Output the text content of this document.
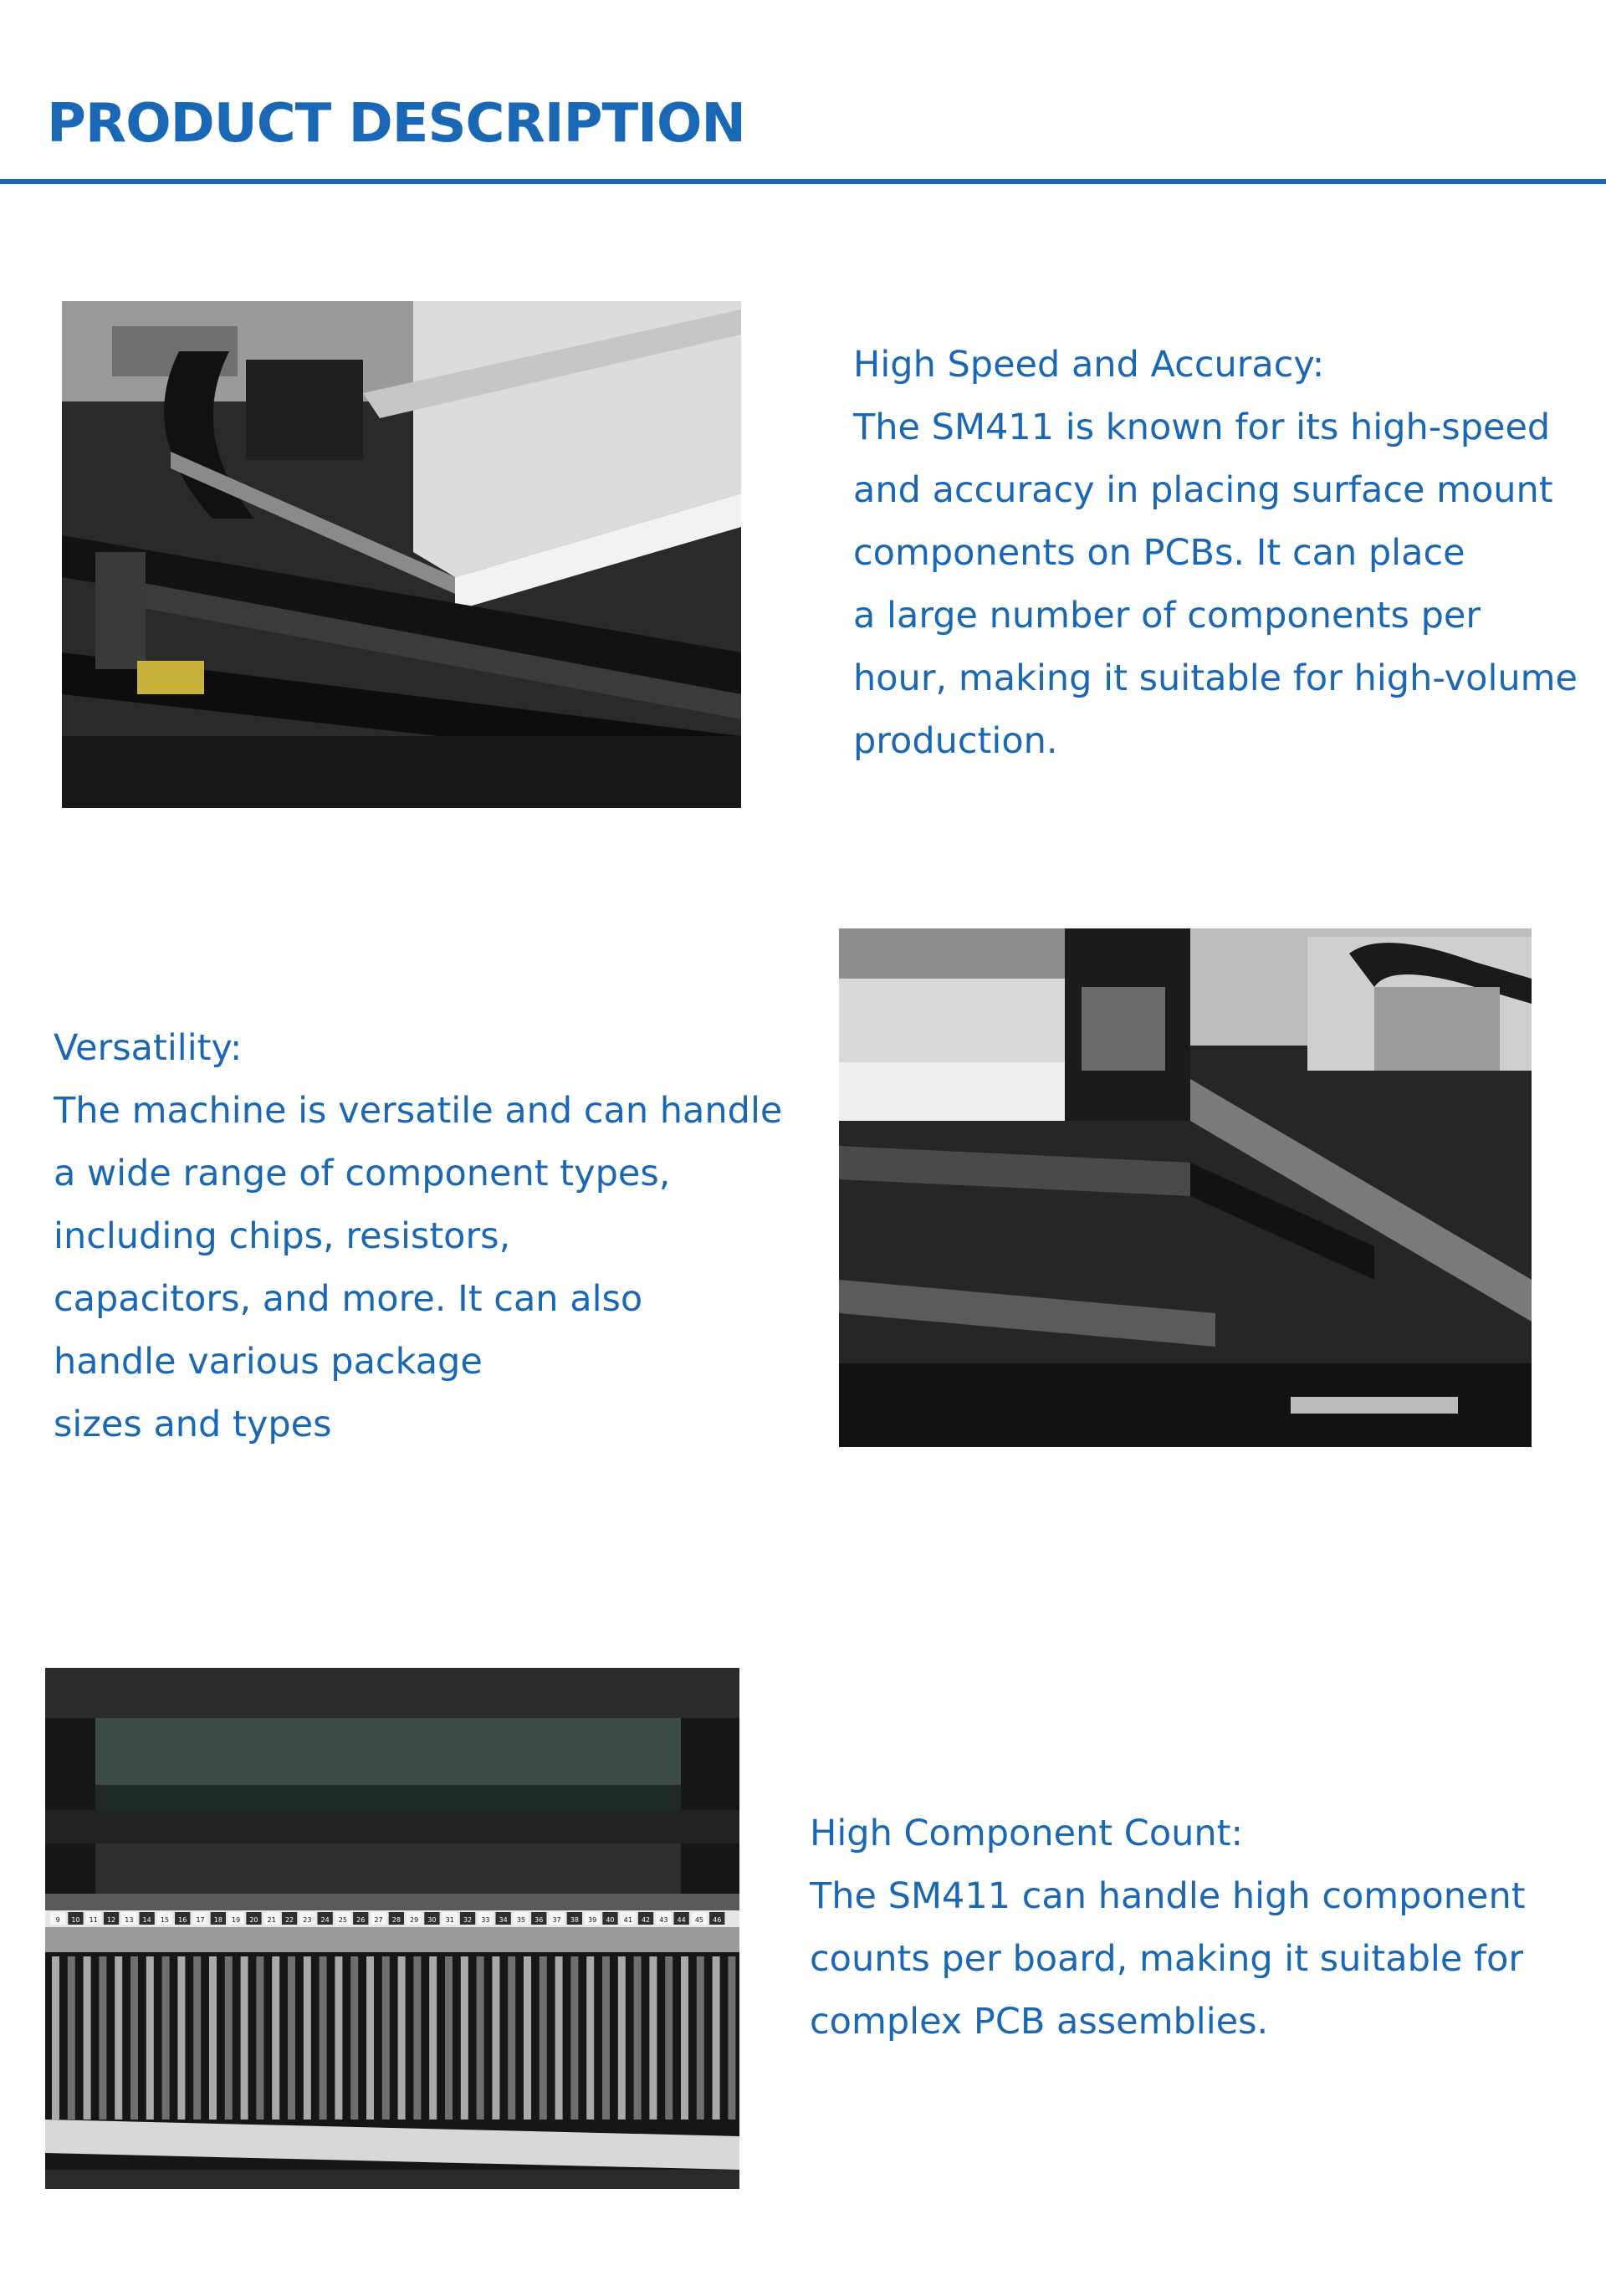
PRODUCT DESCRIPTION

High Speed and Accuracy:

The SM411 is known for its high-speed

and accuracy in placing surface mount

components on PCBs. It can place

a large number of components per

hour, making it suitable for high-volume

production.

Versatility:

The machine is versatile and can handle

a wide range of component types,

including chips, resistors,

capacitors, and more. It can also

handle various package

sizes and types

9 10 11 12 13 14 15 16 17 18 19 20 21 22 23 24 25 26 27 28 29 30 31 32 33 34 35 36 37 38 39 40 41 42 43 44 45 46

High Component Count:

The SM411 can handle high component

counts per board, making it suitable for

complex PCB assemblies.
